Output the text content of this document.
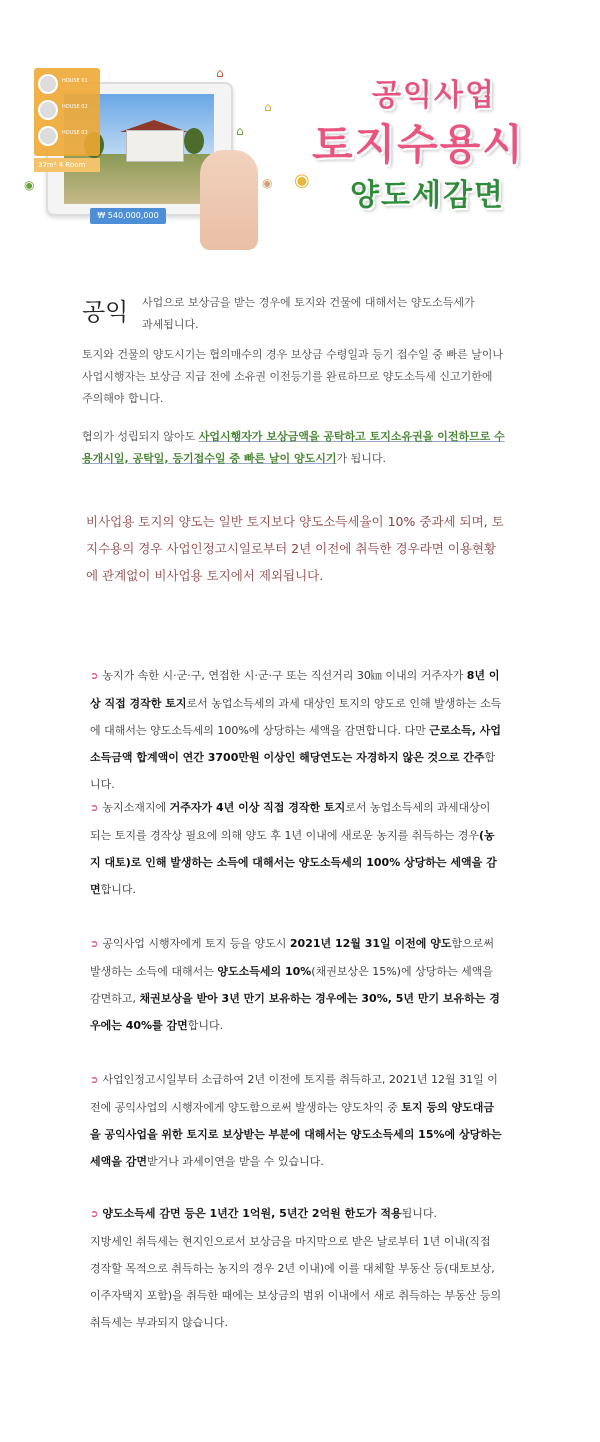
⌂
⌂
⌂
◉ ◉
◉
HOUSE 01
HOUSE 02
HOUSE 03
37m² 4 Room
₩ 540,000,000
공익사업
토지수용시
양도세감면
공익 사업으로 보상금을 받는 경우에 토지와 건물에 대해서는 양도소득세가
과세됩니다.
토지와 건물의 양도시기는 협의매수의 경우 보상금 수령일과 등기 접수일 중 빠른 날이나 사업시행자는 보상금 지급 전에 소유권 이전등기를 완료하므로 양도소득세 신고기한에 주의해야 합니다.
협의가 성립되지 않아도 사업시행자가 보상금액을 공탁하고 토지소유권을 이전하므로 수용개시일, 공탁일, 등기접수일 중 빠른 날이 양도시기가 됩니다.
비사업용 토지의 양도는 일반 토지보다 양도소득세율이 10% 중과세 되며, 토지수용의 경우 사업인정고시일로부터 2년 이전에 취득한 경우라면 이용현황에 관계없이 비사업용 토지에서 제외됩니다.
➲ 농지가 속한 시·군·구, 연접한 시·군·구 또는 직선거리 30㎞ 이내의 거주자가 8년 이상 직접 경작한 토지로서 농업소득세의 과세 대상인 토지의 양도로 인해 발생하는 소득에 대해서는 양도소득세의 100%에 상당하는 세액을 감면합니다. 다만 근로소득, 사업소득금액 합계액이 연간 3700만원 이상인 해당연도는 자경하지 않은 것으로 간주합니다.
➲ 농지소재지에 거주자가 4년 이상 직접 경작한 토지로서 농업소득세의 과세대상이 되는 토지를 경작상 필요에 의해 양도 후 1년 이내에 새로운 농지를 취득하는 경우(농지 대토)로 인해 발생하는 소득에 대해서는 양도소득세의 100% 상당하는 세액을 감면합니다.
➲ 공익사업 시행자에게 토지 등을 양도시 2021년 12월 31일 이전에 양도함으로써 발생하는 소득에 대해서는 양도소득세의 10%(채권보상은 15%)에 상당하는 세액을 감면하고, 채권보상을 받아 3년 만기 보유하는 경우에는 30%, 5년 만기 보유하는 경우에는 40%를 감면합니다.
➲ 사업인정고시일부터 소급하여 2년 이전에 토지를 취득하고, 2021년 12월 31일 이전에 공익사업의 시행자에게 양도함으로써 발생하는 양도차익 중 토지 등의 양도대금을 공익사업을 위한 토지로 보상받는 부분에 대해서는 양도소득세의 15%에 상당하는 세액을 감면받거나 과세이연을 받을 수 있습니다.
➲ 양도소득세 감면 등은 1년간 1억원, 5년간 2억원 한도가 적용됩니다.
지방세인 취득세는 현지인으로서 보상금을 마지막으로 받은 날로부터 1년 이내(직접 경작할 목적으로 취득하는 농지의 경우 2년 이내)에 이를 대체할 부동산 등(대토보상, 이주자택지 포함)을 취득한 때에는 보상금의 범위 이내에서 새로 취득하는 부동산 등의 취득세는 부과되지 않습니다.
